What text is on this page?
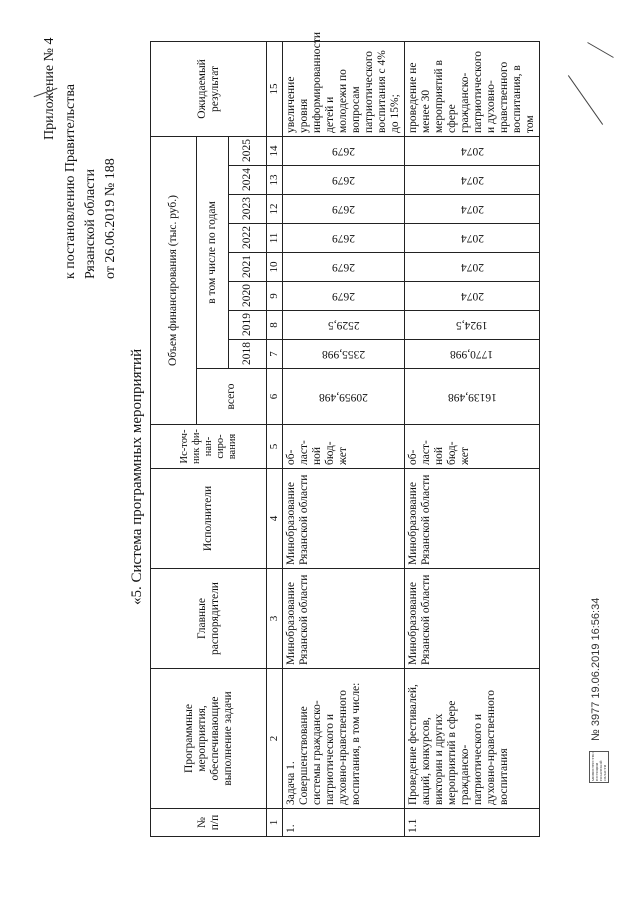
Приложение № 4 к постановлению Правительства Рязанской области от 26.06.2019 № 188
«5. Система программных мероприятий
№ п/п	Программные мероприятия, обеспечивающие выполнение задачи	Главные распорядители	Исполнители	Ис-точ-ник фи-нан-сиро-вания	Объем финансирования (тыс. руб.)									Ожидаемый результат
					всего	в том числе по годам								
						2018	2019	2020	2021	2022	2023	2024	2025	
1	2	3	4	5	6	7	8	9	10	11	12	13	14	15
1.	Задача 1. Совершенствование системы гражданско-патриотического и духовно-нравственного воспитания, в том числе:	Минобразование Рязанской области	Минобразование Рязанской области	об-ласт-ной бюд-жет	20959,498	2355,998	2529,5	2679	2679	2679	2679	2679	2679	увеличение уровня информированности детей и молодежи по вопросам патриотического воспитания с 4% до 15%;
1.1	Проведение фестивалей, акций, конкурсов, викторин и других мероприятий в сфере гражданско-патриотического и духовно-нравственного воспитания	Минобразование Рязанской области	Минобразование Рязанской области	об-ласт-ной бюд-жет	16139,498	1770,998	1924,5	2074	2074	2074	2074	2074	2074	проведение не менее 30 мероприятий в сфере гражданско-патриотического и духовно-нравственного воспитания, в том
МИНИСТЕРСТВО ЮСТИЦИИ РЯЗАНСКОЙ ОБЛАСТИ
№ 3977 19.06.2019 16:56:34
